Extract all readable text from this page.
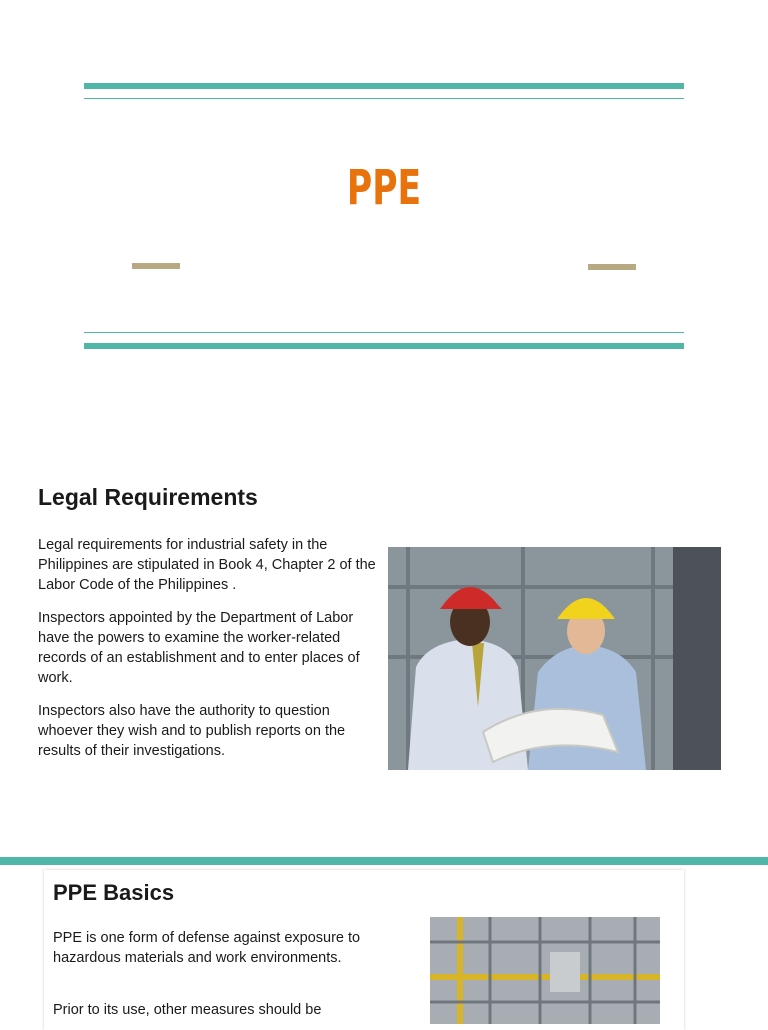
PPE
Legal Requirements

Legal requirements for industrial safety in the Philippines are stipulated in Book 4, Chapter 2 of the Labor Code of the Philippines .

Inspectors appointed by the Department of Labor have the powers to examine the worker-related records of an establishment and to enter places of work.

Inspectors also have the authority to question whoever they wish and to publish reports on the results of their investigations.

PPE Basics

PPE is one form of defense against exposure to hazardous materials and work environments.

Prior to its use, other measures should be
